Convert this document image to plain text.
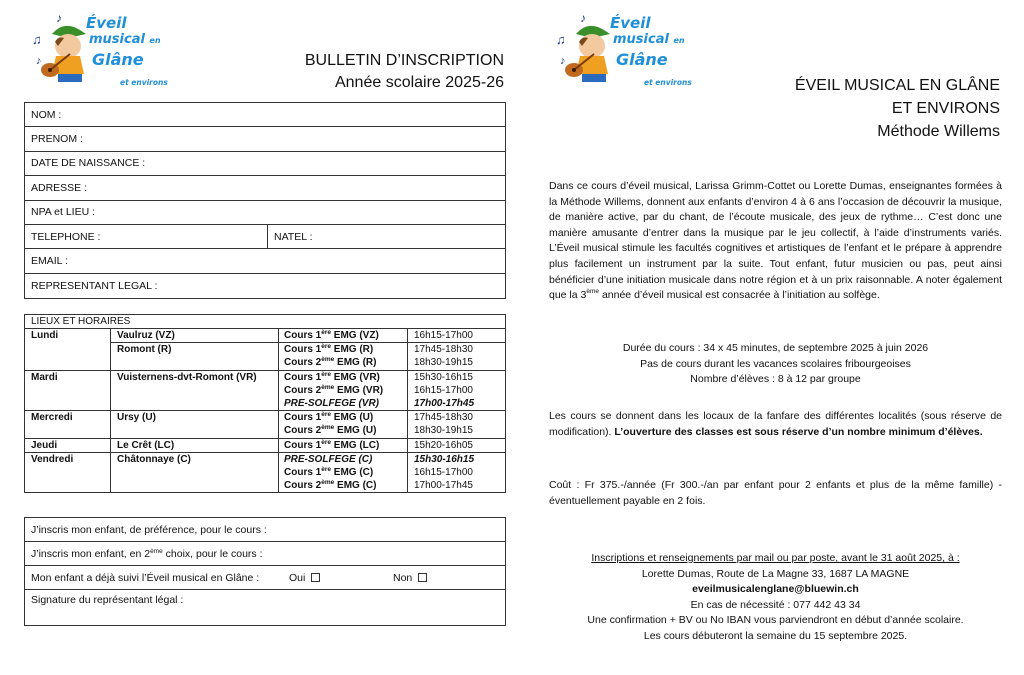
♪
♫
♪
Éveil
musical en
Glâne
et environs
BULLETIN D’INSCRIPTION
Année scolaire 2025-26
NOM :
PRENOM :
DATE DE NAISSANCE :
ADRESSE :
NPA et LIEU :
TELEPHONE :	NATEL :
EMAIL :
REPRESENTANT LEGAL :
LIEUX ET HORAIRES
Lundi	Vaulruz (VZ)	Cours 1ère EMG (VZ)	16h15-17h00
Romont (R)	Cours 1ère EMG (R)	17h45-18h30
Cours 2ème EMG (R)	18h30-19h15
Mardi	Vuisternens-dvt-Romont (VR)	Cours 1ère EMG (VR)	15h30-16h15
Cours 2ème EMG (VR)	16h15-17h00
PRE-SOLFEGE (VR)	17h00-17h45
Mercredi	Ursy (U)	Cours 1ère EMG (U)	17h45-18h30
Cours 2ème EMG (U)	18h30-19h15
Jeudi	Le Crêt (LC)	Cours 1ère EMG (LC)	15h20-16h05
Vendredi	Châtonnaye (C)	PRE-SOLFEGE (C)	15h30-16h15
Cours 1ère EMG (C)	16h15-17h00
Cours 2ème EMG (C)	17h00-17h45
J’inscris mon enfant, de préférence, pour le cours :
J’inscris mon enfant, en 2ème choix, pour le cours :
Mon enfant a déjà suivi l’Éveil musical en Glâne :	Oui	Non
Signature du représentant légal :
♪
♫
♪
Éveil
musical en
Glâne
et environs	ÉVEIL MUSICAL EN GLÂNE
ET ENVIRONS
Méthode Willems
Dans ce cours d’éveil musical, Larissa Grimm-Cottet ou Lorette Dumas, enseignantes formées à la Méthode Willems, donnent aux enfants d’environ 4 à 6 ans l’occasion de découvrir la musique, de manière active, par du chant, de l’écoute musicale, des jeux de rythme… C’est donc une manière amusante d’entrer dans la musique par le jeu collectif, à l’aide d’instruments variés. L’Éveil musical stimule les facultés cognitives et artistiques de l’enfant et le prépare à apprendre plus facilement un instrument par la suite. Tout enfant, futur musicien ou pas, peut ainsi bénéficier d’une initiation musicale dans notre région et à un prix raisonnable. A noter également que la 3ème année d’éveil musical est consacrée à l’initiation au solfège.
Durée du cours : 34 x 45 minutes, de septembre 2025 à juin 2026
Pas de cours durant les vacances scolaires fribourgeoises
Nombre d’élèves : 8 à 12 par groupe
Les cours se donnent dans les locaux de la fanfare des différentes localités (sous réserve de modification). L’ouverture des classes est sous réserve d’un nombre minimum d’élèves.
Coût : Fr 375.-/année (Fr 300.-/an par enfant pour 2 enfants et plus de la même famille) - éventuellement payable en 2 fois.
Inscriptions et renseignements par mail ou par poste, avant le 31 août 2025, à :
Lorette Dumas, Route de La Magne 33, 1687 LA MAGNE
eveilmusicalenglane@bluewin.ch
En cas de nécessité : 077 442 43 34
Une confirmation + BV ou No IBAN vous parviendront en début d’année scolaire.
Les cours débuteront la semaine du 15 septembre 2025.
